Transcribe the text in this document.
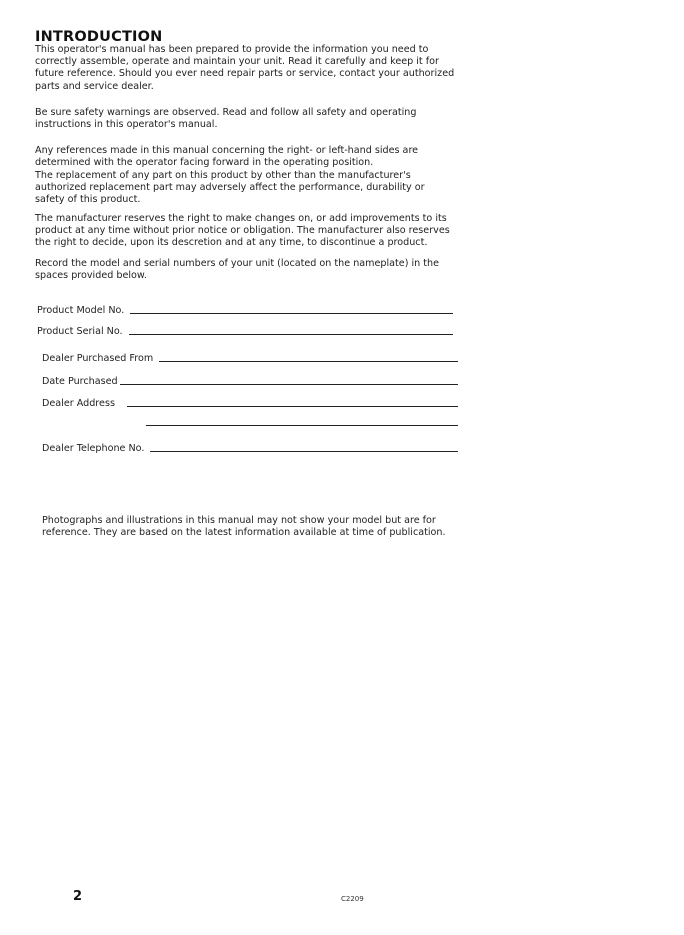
INTRODUCTION

This operator's manual has been prepared to provide the information you need to correctly assemble, operate and maintain your unit. Read it carefully and keep it for future reference. Should you ever need repair parts or service, contact your authorized parts and service dealer.

Be sure safety warnings are observed. Read and follow all safety and operating instructions in this operator's manual.

Any references made in this manual concerning the right- or left-hand sides are determined with the operator facing forward in the operating position.

The replacement of any part on this product by other than the manufacturer's authorized replacement part may adversely affect the performance, durability or safety of this product.

The manufacturer reserves the right to make changes on, or add improvements to its product at any time without prior notice or obligation. The manufacturer also reserves the right to decide, upon its descretion and at any time, to discontinue a product.

Record the model and serial numbers of your unit (located on the nameplate) in the spaces provided below.

Product Model No.
Product Serial No.
Dealer Purchased From
Date Purchased
Dealer Address
Dealer Telephone No.

Photographs and illustrations in this manual may not show your model but are for reference. They are based on the latest information available at time of publication.

2	C2209
